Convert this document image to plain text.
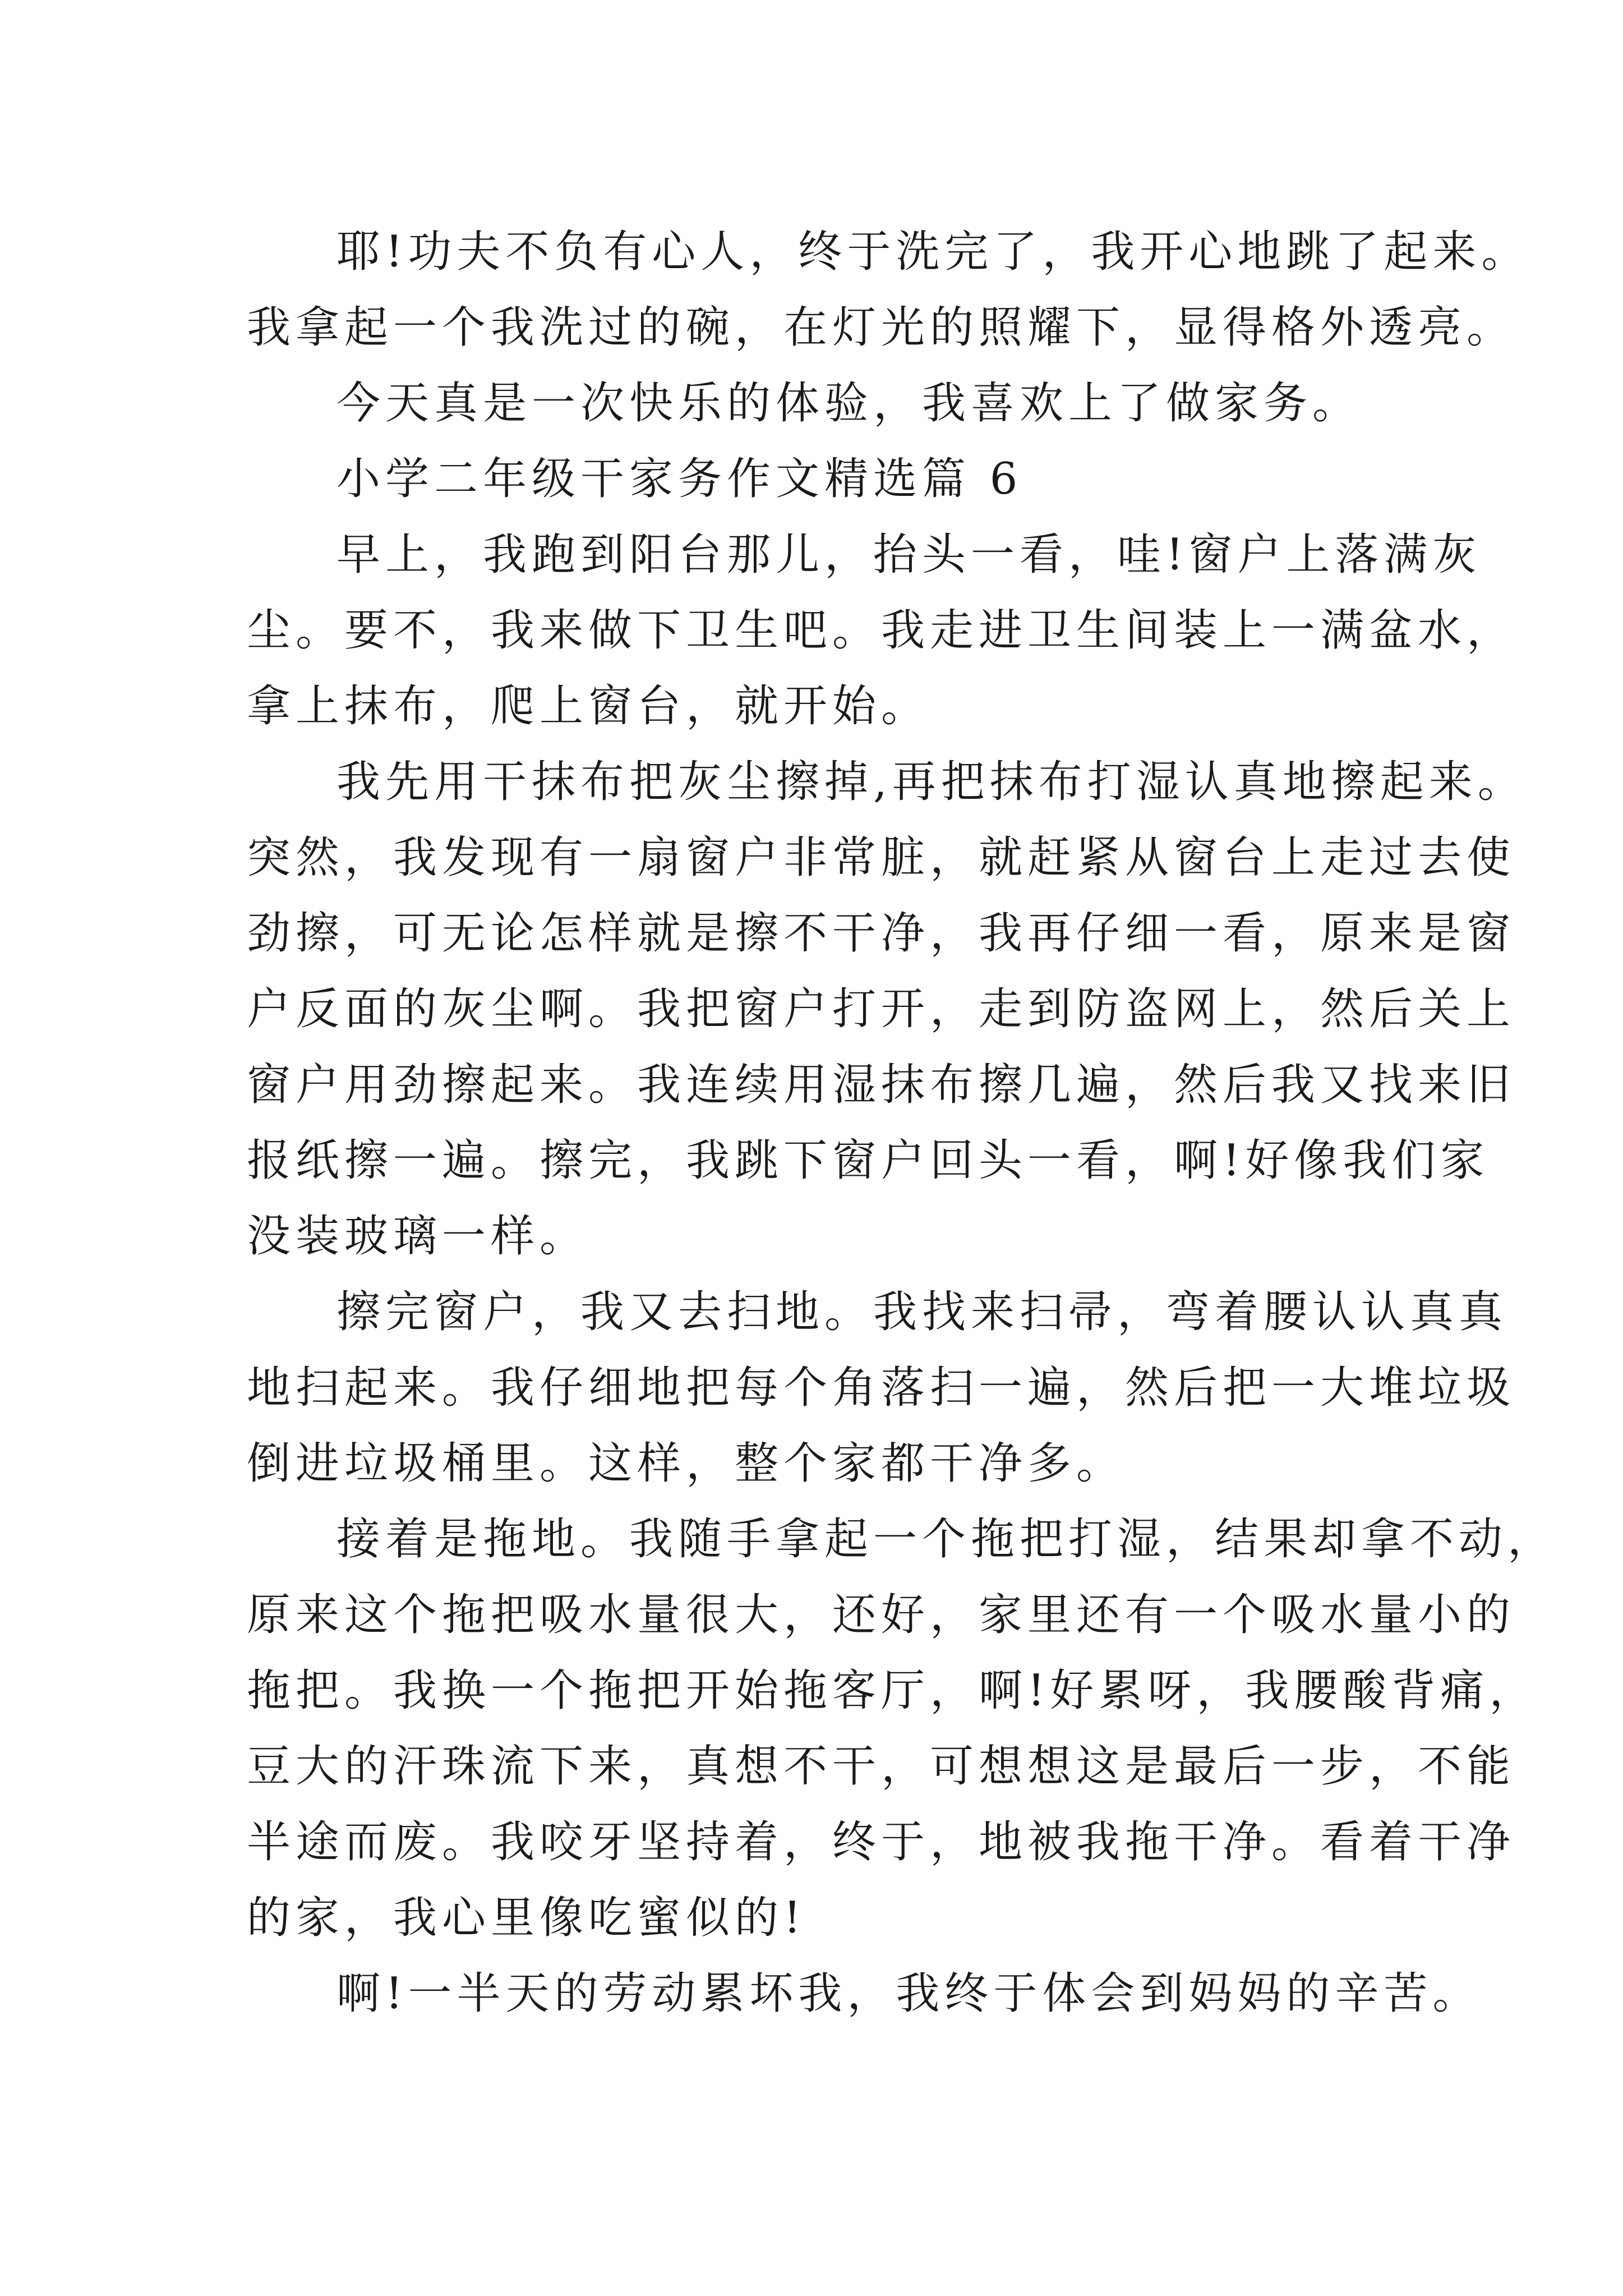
耶!功夫不负有心人，终于洗完了，我开心地跳了起来。
我拿起一个我洗过的碗，在灯光的照耀下，显得格外透亮。
今天真是一次快乐的体验，我喜欢上了做家务。
小学二年级干家务作文精选篇 6
早上，我跑到阳台那儿，抬头一看，哇!窗户上落满灰
尘。要不，我来做下卫生吧。我走进卫生间装上一满盆水，
拿上抹布，爬上窗台，就开始。
我先用干抹布把灰尘擦掉,再把抹布打湿认真地擦起来。
突然，我发现有一扇窗户非常脏，就赶紧从窗台上走过去使
劲擦，可无论怎样就是擦不干净，我再仔细一看，原来是窗
户反面的灰尘啊。我把窗户打开，走到防盗网上，然后关上
窗户用劲擦起来。我连续用湿抹布擦几遍，然后我又找来旧
报纸擦一遍。擦完，我跳下窗户回头一看，啊!好像我们家
没装玻璃一样。
擦完窗户，我又去扫地。我找来扫帚，弯着腰认认真真
地扫起来。我仔细地把每个角落扫一遍，然后把一大堆垃圾
倒进垃圾桶里。这样，整个家都干净多。
接着是拖地。我随手拿起一个拖把打湿，结果却拿不动，
原来这个拖把吸水量很大，还好，家里还有一个吸水量小的
拖把。我换一个拖把开始拖客厅，啊!好累呀，我腰酸背痛，
豆大的汗珠流下来，真想不干，可想想这是最后一步，不能
半途而废。我咬牙坚持着，终于，地被我拖干净。看着干净
的家，我心里像吃蜜似的!
啊!一半天的劳动累坏我，我终于体会到妈妈的辛苦。
